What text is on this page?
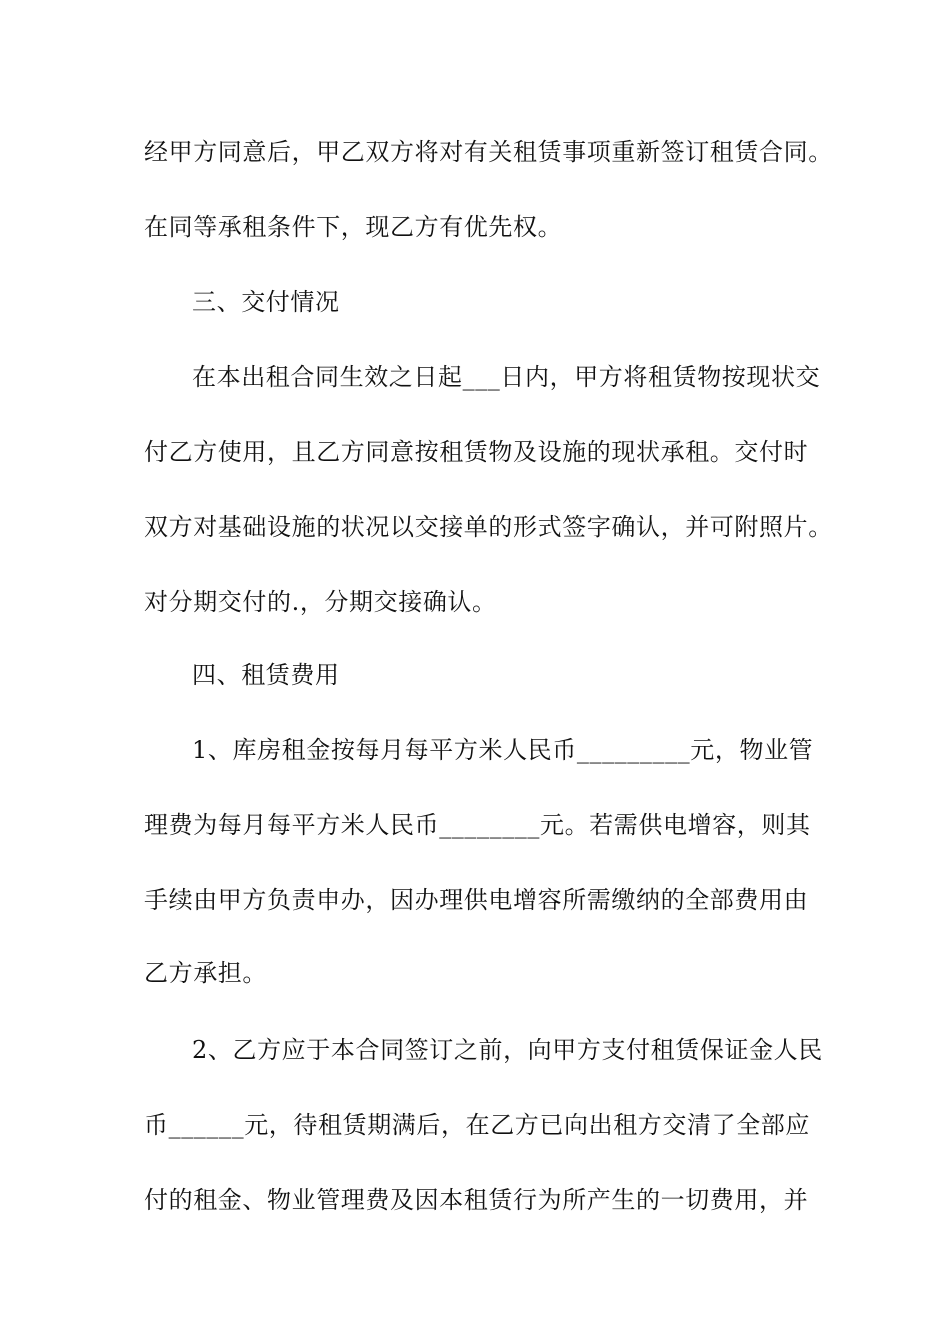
经甲方同意后，甲乙双方将对有关租赁事项重新签订租赁合同。
在同等承租条件下，现乙方有优先权。
三、交付情况
在本出租合同生效之日起___日内，甲方将租赁物按现状交
付乙方使用，且乙方同意按租赁物及设施的现状承租。交付时
双方对基础设施的状况以交接单的形式签字确认，并可附照片。
对分期交付的.，分期交接确认。
四、租赁费用
1、库房租金按每月每平方米人民币_________元，物业管
理费为每月每平方米人民币________元。若需供电增容，则其
手续由甲方负责申办，因办理供电增容所需缴纳的全部费用由
乙方承担。
2、乙方应于本合同签订之前，向甲方支付租赁保证金人民
币______元，待租赁期满后，在乙方已向出租方交清了全部应
付的租金、物业管理费及因本租赁行为所产生的一切费用，并
